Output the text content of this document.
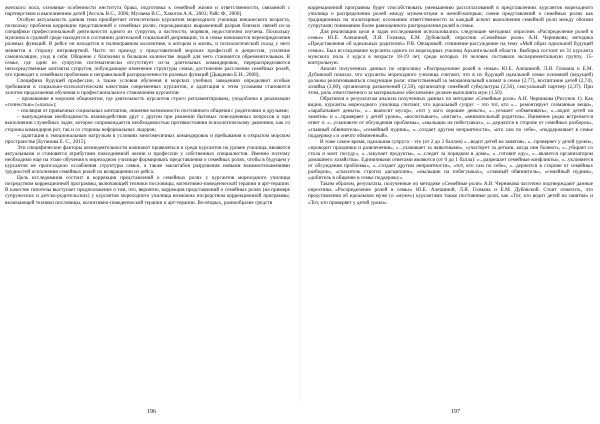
женского пола, основные особенности института брака, подготовка к семейной жизни и ответственности, связанной с партнерством и выполнением детей [Ассоль В.С., 2006; Мулаева В.С., Хакотов А.А., 2003; Райс Ф., 2000].

Особую актуальность данная тема приобретает относительно курсантов мореходного училища юношеского возраста, поскольку проблема коррекции представлений о семейных ролях, порождающих выраженный разрыв близких связей из-за специфики профессиональной деятельности одного из супругов, а частности, моряков, недостаточно изучена. Поскольку мужчина в судовой среде находится в состоянии длительной социальной депривации, то в семье начинаются переопределения ролевых функций. В рейсе он находится в полноправном коллективе, в котором и жизнь, и психологический склад у него меняется в сторону интровертной. Часто по приезду у представителей морских профессий в депрессия, усиление самоизоляции, уход в себя. Общение с близкими в большом количестве людей для него становится обременительным. В семье, где один из супругов систематически отсутствует из-за длительных командировок, перераспределяются непосредственные контакты супругов, побуждающие изменение структуры семьи, достижение расслоение семейных ролей, что приводит к семейным проблемам и неправильной распределенности ролевых функций [Дьяденко Е.Н., 2008].

Специфика будущей профессии, а также условия обучения в морских учебных заведениях определяют особые требования к социально-психологическим качествам современных курсантов, и адаптация к этим условиям становится залогом продолжения обучения и профессионального становления курсантов:

– проживание в морском общежитии, где деятельность курсантов строго регламентирована, уподоблена в реализации «точностью» («часы»);

– изоляция от привычных социальных контактов, лишение возможности постоянного общения с родителями и друзьями;

– вынужденная необходимость взаимодействия друг с другом при решении бытовых повседневных вопросов и при выполнении служебных задач, которое сопровождается необходимостью противостояния психологическому давлению, как со стороны командиров рот, так и со стороны неформальных лидеров;

– адаптация к эмоциональным нагрузкам в условиях многомесячных командировок и пребывания в открытом морском пространстве [Буганова Е. С., 2015].

Эти специфические факторы жизнедеятельности начинают проявляться и среди курсантов на уровне училища, являются актуальными и становятся атрибутами повседневной жизни и профессии у собственных специалистов. Именно поэтому необходимо еще на этапе обучения в мореходном училище формировать представления о семейных ролях, чтобы в будущем у курсантов не происходило ослабления структуры семьи, а также масштабов разрушения новыми взаимоотношениями трудностей исполнения семейных ролей по возвращении из рейса.

Цель исследования состоит в коррекции представлений о семейных ролях у курсантов мореходного училища посредством коррекционной программы, включающей техники пословицы, когнитивно-поведенческой терапии и арт-терапии. В качестве гипотезы выступает предположение о том, что, вероятно, коррекция представлений о семейных ролях (на примере супружеских и детско-родительских) у курсантов мореходного училища возможна посредством коррекционной программы, включающей техники пословицы, когнитивно-поведенческой терапии и арт-терапии. Во-вторых, разнообразие средств

коррекционной программы будет способствовать уменьшению рассогласований в представлениях курсантов мореходного училища о распределении ролей между мужем-отцом и женой-матерью; смене представлений о семейных ролях как традиционных на эгалитарные; осознанию ответственности за каждый аспект выполнения семейной роли между обоими супругами; пониманию более равноценного распределения ролей в семье.

Для реализации цели и задач исследования использовались следующие методики: опросник «Распределение ролей в семье» Ю.Е. Алешиной, Л.Я. Гозмана, Е.М. Дубовской; опросник «Семейные роли» А.Н. Черникова; методика «Представления об идеальных родителях» Р.В. Овчаровой; сочинение-рассуждение на тему «Мой образ идеальной будущей семьи». Был исследование курсанты одного из мореходных училищ Архангельской области. Выборка состоит из 31 курсанта мужского пола 3 курса в возрасте 18-19 лет, среди которых 16 человек составили экспериментальную группу, 15- контрольную.

Анализ полученных данных по опроснику «Распределение ролей в семье» Ю.Е. Алешиной, Л.Я. Гозмана и Е.М. Дубовской показал, что курсанты мореходного училища считают, что в их будущей идеальной семье основной (ведущей) должны реализовываться следующие роли: ответственный за эмоциональный климат в семье (2,77), воспитание детей (2,74), хозяйка (2,60), организатор развлечений (2,58), организатор семейной субкультуры (2,56), сексуальный партнер (2,37). При этом, роль ответственного за материальное обеспечение должен выполнять муж (1,50).

Обратимся к результатам анализа полученных данных по методике «Семейные роли» А.Н. Черникова (Рисунок 1). Как видно, курсанты мореходного училища считают, что идеальный супруг – это тот, кто «... ремонтирует сломанные вещи», «зарабатывает деньги», «... выносит мусор», «тот у кого хорошее деньги», «...уезжает «обменивать», «...водит детей на занятия» и «...проверяет у детей уроки», «воспитывает», «читает», «внимательный родитель». Наименее редко встречается ответ о: «...усыновите от обсуждения проблемы», «мыльщик на побегушках», «...держится в стороне от семейных разборок», «главный обвинитель», «семейный нудник», «...создает другим неприятности», «кто сам по себе», «поддерживает в семье поддержку» и «нечто обвиненный».

В тоже самое время, идеальная супруга – это (от 2 до 3 баллов) «...водит детей на занятия», «...проверяет у детей уроки», «проводит праздники и развлечения», «...улаживает за животными», «участвует за детьми, когда они болеют», «...убирает со стола и моет посуду», «...закупает продукты», «...следит за порядком в доме», «...готовит еду», «...является организатором домашнего хозяйства». Единичными ответами являются (от 0 до 1 балла): «...разрешает семейные конфликты», «...уклоняется от обсуждения проблемы», «...создает другим неприятности», «тот, кто сам по себе», «...держится в стороне от семейных разборок», «спаситель строгих дисциплин», «мыльщик на побегушках», «главный обвинитель», «семейный нудник», «добитель в общение в семье поддержку».

Таким образом, результаты, полученные по методике «Семейные роли» А.В. Черникова частично подтверждают данные опросника «Распределение ролей в семье» Ю.Е. Алешиной, Л.Я. Гозмана и Е.М. Дубовской. Стоит отметить, что представления об идеальном муже (о «муже») курсантами также постоянные роли, как «Тот, кто водит детей на занятия» и «Тот, кто проверяет у детей уроки».

196	197
